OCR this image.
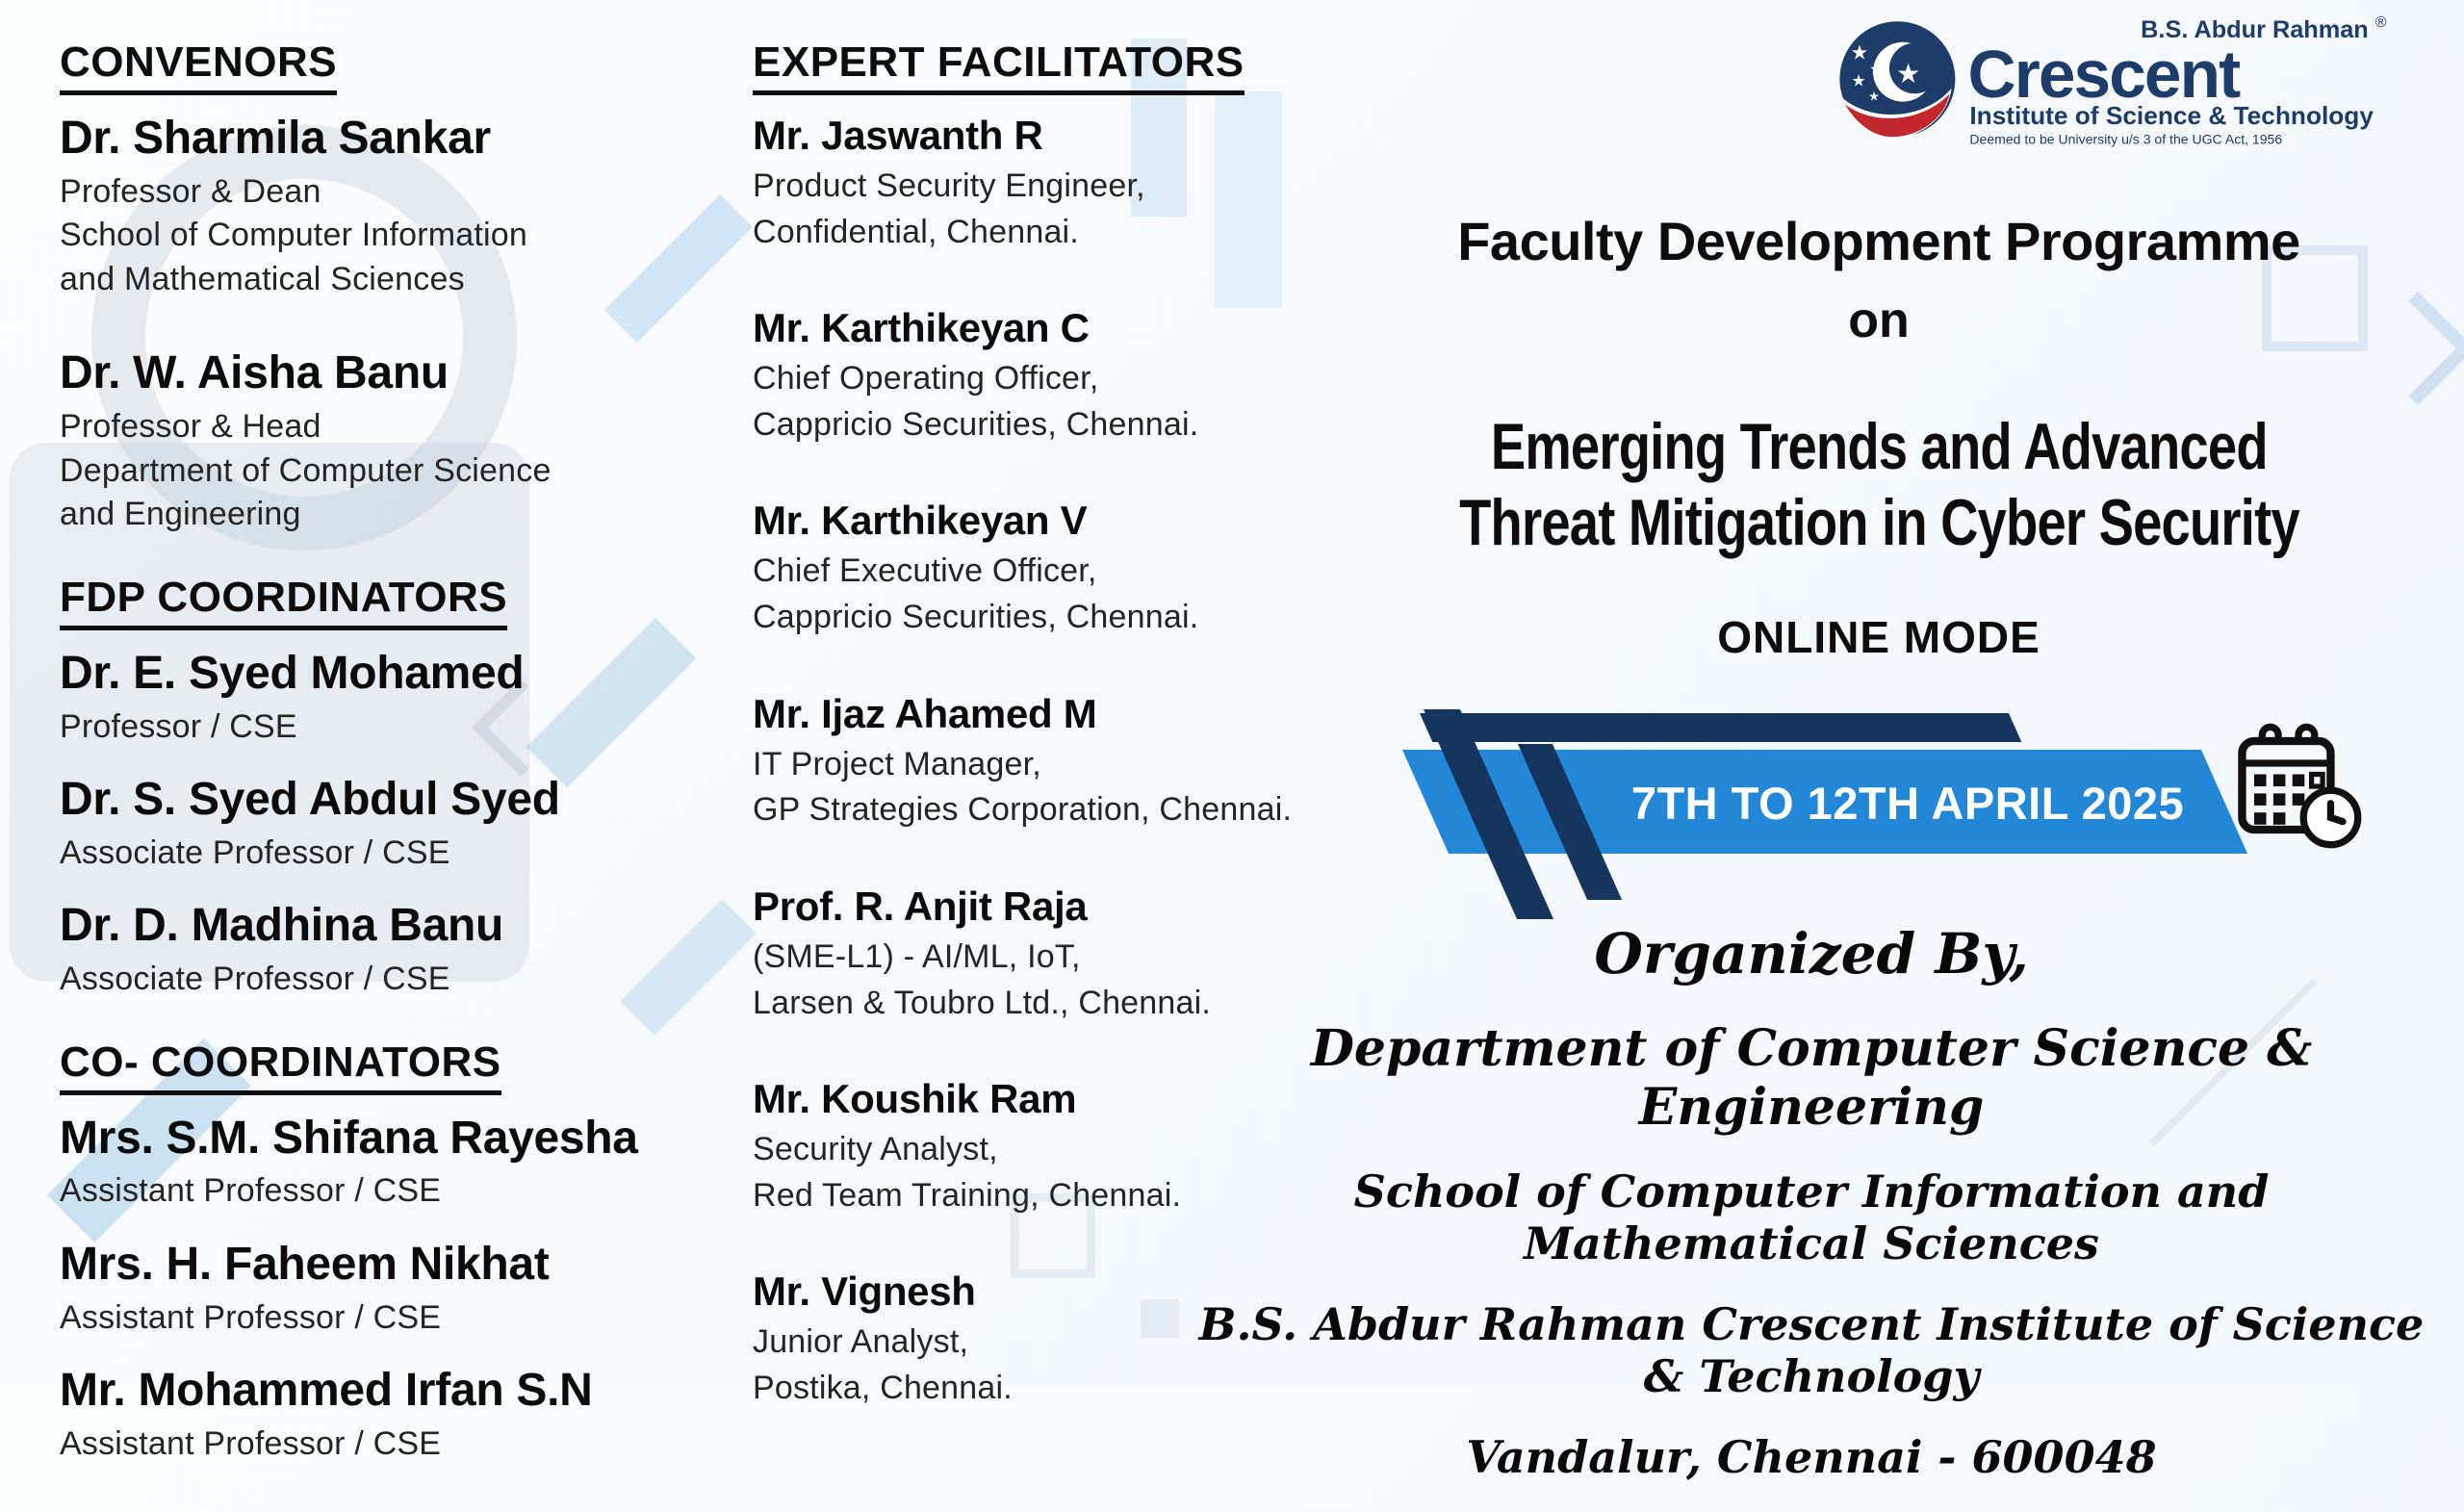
CONVENORS
Dr. Sharmila Sankar
Professor & Dean
School of Computer Information
and Mathematical Sciences
Dr. W. Aisha Banu
Professor & Head
Department of Computer Science
and Engineering
FDP COORDINATORS
Dr. E. Syed Mohamed
Professor / CSE
Dr. S. Syed Abdul Syed
Associate Professor / CSE
Dr. D. Madhina Banu
Associate Professor / CSE
CO- COORDINATORS
Mrs. S.M. Shifana Rayesha
Assistant Professor / CSE
Mrs. H. Faheem Nikhat
Assistant Professor / CSE
Mr. Mohammed Irfan S.N
Assistant Professor / CSE
EXPERT FACILITATORS
Mr. Jaswanth R
Product Security Engineer,
Confidential, Chennai.
Mr. Karthikeyan C
Chief Operating Officer,
Cappricio Securities, Chennai.
Mr. Karthikeyan V
Chief Executive Officer,
Cappricio Securities, Chennai.
Mr. Ijaz Ahamed M
IT Project Manager,
GP Strategies Corporation, Chennai.
Prof. R. Anjit Raja
(SME-L1) - AI/ML, IoT,
Larsen & Toubro Ltd., Chennai.
Mr. Koushik Ram
Security Analyst,
Red Team Training, Chennai.
Mr. Vignesh
Junior Analyst,
Postika, Chennai.
★
★
★
★
★
B.S. Abdur Rahman ®
Crescent
Institute of Science & Technology
Deemed to be University u/s 3 of the UGC Act, 1956
Faculty Development Programme
on
Emerging Trends and Advanced
Threat Mitigation in Cyber Security
ONLINE MODE
7TH TO 12TH APRIL 2025
Organized By,
Department of Computer Science & Engineering
School of Computer Information and Mathematical Sciences
B.S. Abdur Rahman Crescent Institute of Science & Technology
Vandalur, Chennai - 600048
